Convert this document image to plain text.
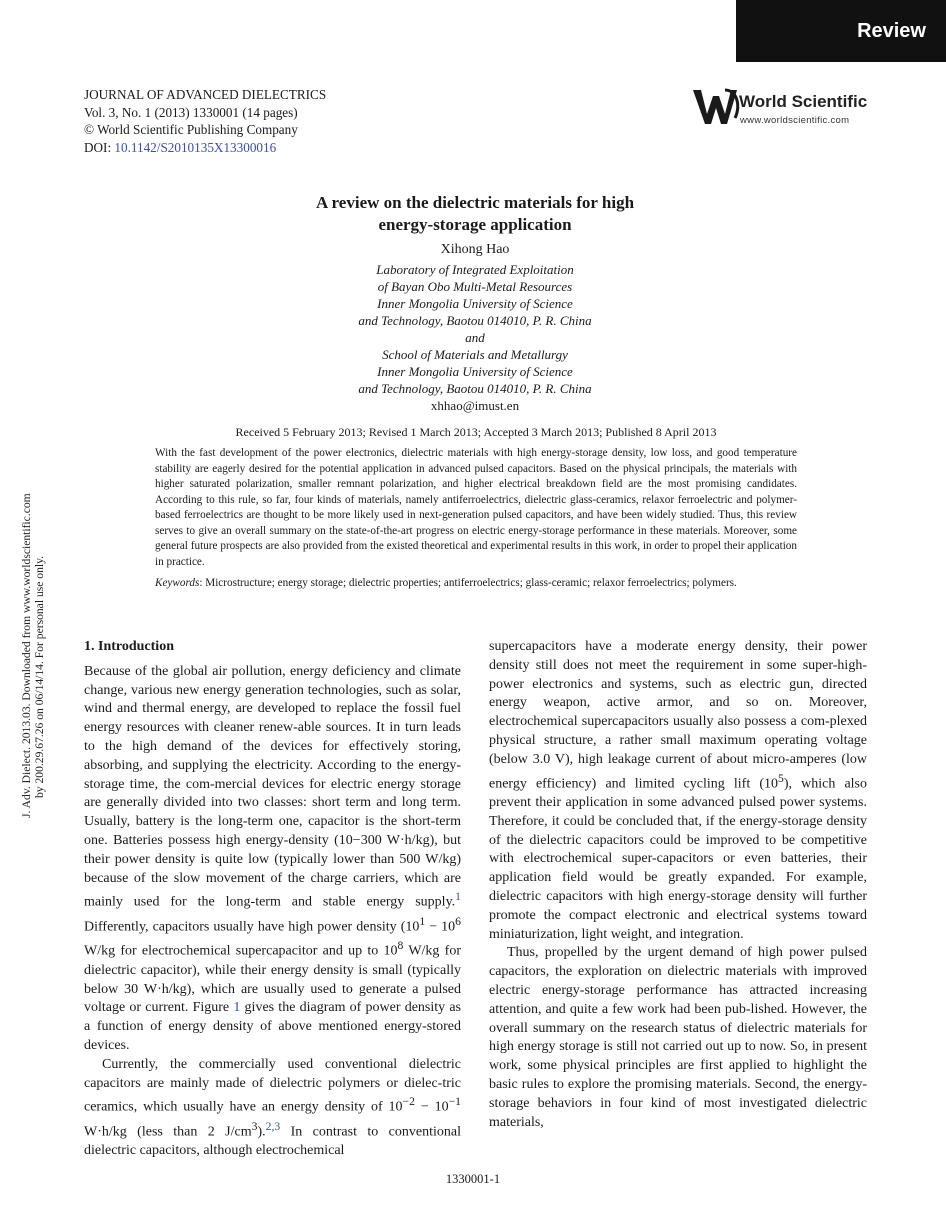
Review
JOURNAL OF ADVANCED DIELECTRICS
Vol. 3, No. 1 (2013) 1330001 (14 pages)
© World Scientific Publishing Company
DOI: 10.1142/S2010135X13300016
World Scientific
www.worldscientific.com
J. Adv. Dielect. 2013.03. Downloaded from www.worldscientific.com by 200.29.67.26 on 06/14/14. For personal use only.
A review on the dielectric materials for high
energy-storage application
Xihong Hao
Laboratory of Integrated Exploitation
of Bayan Obo Multi-Metal Resources
Inner Mongolia University of Science
and Technology, Baotou 014010, P. R. China
and
School of Materials and Metallurgy
Inner Mongolia University of Science
and Technology, Baotou 014010, P. R. China
xhhao@imust.en
Received 5 February 2013; Revised 1 March 2013; Accepted 3 March 2013; Published 8 April 2013
With the fast development of the power electronics, dielectric materials with high energy-storage density, low loss, and good temperature stability are eagerly desired for the potential application in advanced pulsed capacitors. Based on the physical principals, the materials with higher saturated polarization, smaller remnant polarization, and higher electrical breakdown field are the most promising candidates. According to this rule, so far, four kinds of materials, namely antiferroelectrics, dielectric glass-ceramics, relaxor ferroelectric and polymer-based ferroelectrics are thought to be more likely used in next-generation pulsed capacitors, and have been widely studied. Thus, this review serves to give an overall summary on the state-of-the-art progress on electric energy-storage performance in these materials. Moreover, some general future prospects are also provided from the existed theoretical and experimental results in this work, in order to propel their application in practice.
Keywords: Microstructure; energy storage; dielectric properties; antiferroelectrics; glass-ceramic; relaxor ferroelectrics; polymers.
1. Introduction

Because of the global air pollution, energy deficiency and climate change, various new energy generation technologies, such as solar, wind and thermal energy, are developed to replace the fossil fuel energy resources with cleaner renew-able sources. It in turn leads to the high demand of the devices for effectively storing, absorbing, and supplying the electricity. According to the energy-storage time, the com-mercial devices for electric energy storage are generally divided into two classes: short term and long term. Usually, battery is the long-term one, capacitor is the short-term one. Batteries possess high energy-density (10−300 W·h/kg), but their power density is quite low (typically lower than 500 W/kg) because of the slow movement of the charge carriers, which are mainly used for the long-term and stable energy supply.$^1$ Differently, capacitors usually have high power density ($10^1 - 10^6$ W/kg for electrochemical supercapacitor and up to $10^8$ W/kg for dielectric capacitor), while their energy density is small (typically below 30 W·h/kg), which are usually used to generate a pulsed voltage or current. Figure 1 gives the diagram of power density as a function of energy density of above mentioned energy-stored devices.

Currently, the commercially used conventional dielectric capacitors are mainly made of dielectric polymers or dielec-tric ceramics, which usually have an energy density of $10^{-2} - 10^{-1}$ W·h/kg (less than 2 $J/cm^3).^{2,3}$ In contrast to conventional dielectric capacitors, although electrochemical

supercapacitors have a moderate energy density, their power density still does not meet the requirement in some super-high-power electronics and systems, such as electric gun, directed energy weapon, active armor, and so on. Moreover, electrochemical supercapacitors usually also possess a com-plexed physical structure, a rather small maximum operating voltage (below 3.0 V), high leakage current of about micro-amperes (low energy efficiency) and limited cycling lift $(10^5)$, which also prevent their application in some advanced pulsed power systems. Therefore, it could be concluded that, if the energy-storage density of the dielectric capacitors could be improved to be competitive with electrochemical super-capacitors or even batteries, their application field would be greatly expanded. For example, dielectric capacitors with high energy-storage density will further promote the compact electronic and electrical systems toward miniaturization, light weight, and integration.

Thus, propelled by the urgent demand of high power pulsed capacitors, the exploration on dielectric materials with improved electric energy-storage performance has attracted increasing attention, and quite a few work had been pub-lished. However, the overall summary on the research status of dielectric materials for high energy storage is still not carried out up to now. So, in present work, some physical principles are first applied to highlight the basic rules to explore the promising materials. Second, the energy-storage behaviors in four kind of most investigated dielectric materials,

1330001-1
